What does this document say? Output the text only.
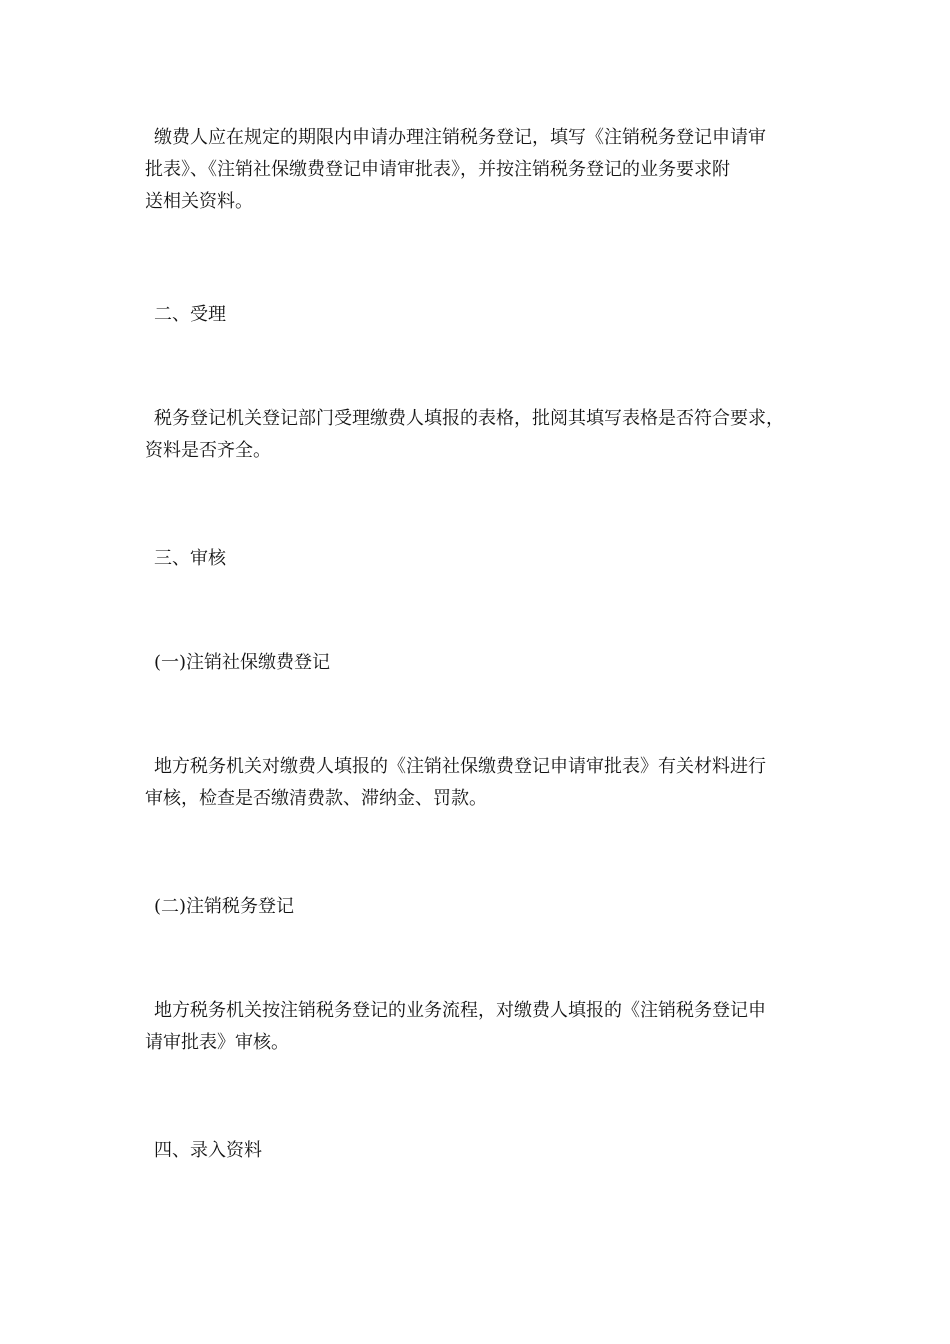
缴费人应在规定的期限内申请办理注销税务登记，填写《注销税务登记申请审
批表》、《注销社保缴费登记申请审批表》，并按注销税务登记的业务要求附
送相关资料。

二、受理

税务登记机关登记部门受理缴费人填报的表格，批阅其填写表格是否符合要求，
资料是否齐全。

三、审核

(一)注销社保缴费登记

地方税务机关对缴费人填报的《注销社保缴费登记申请审批表》有关材料进行
审核，检查是否缴清费款、滞纳金、罚款。

(二)注销税务登记

地方税务机关按注销税务登记的业务流程，对缴费人填报的《注销税务登记申
请审批表》审核。

四、录入资料
